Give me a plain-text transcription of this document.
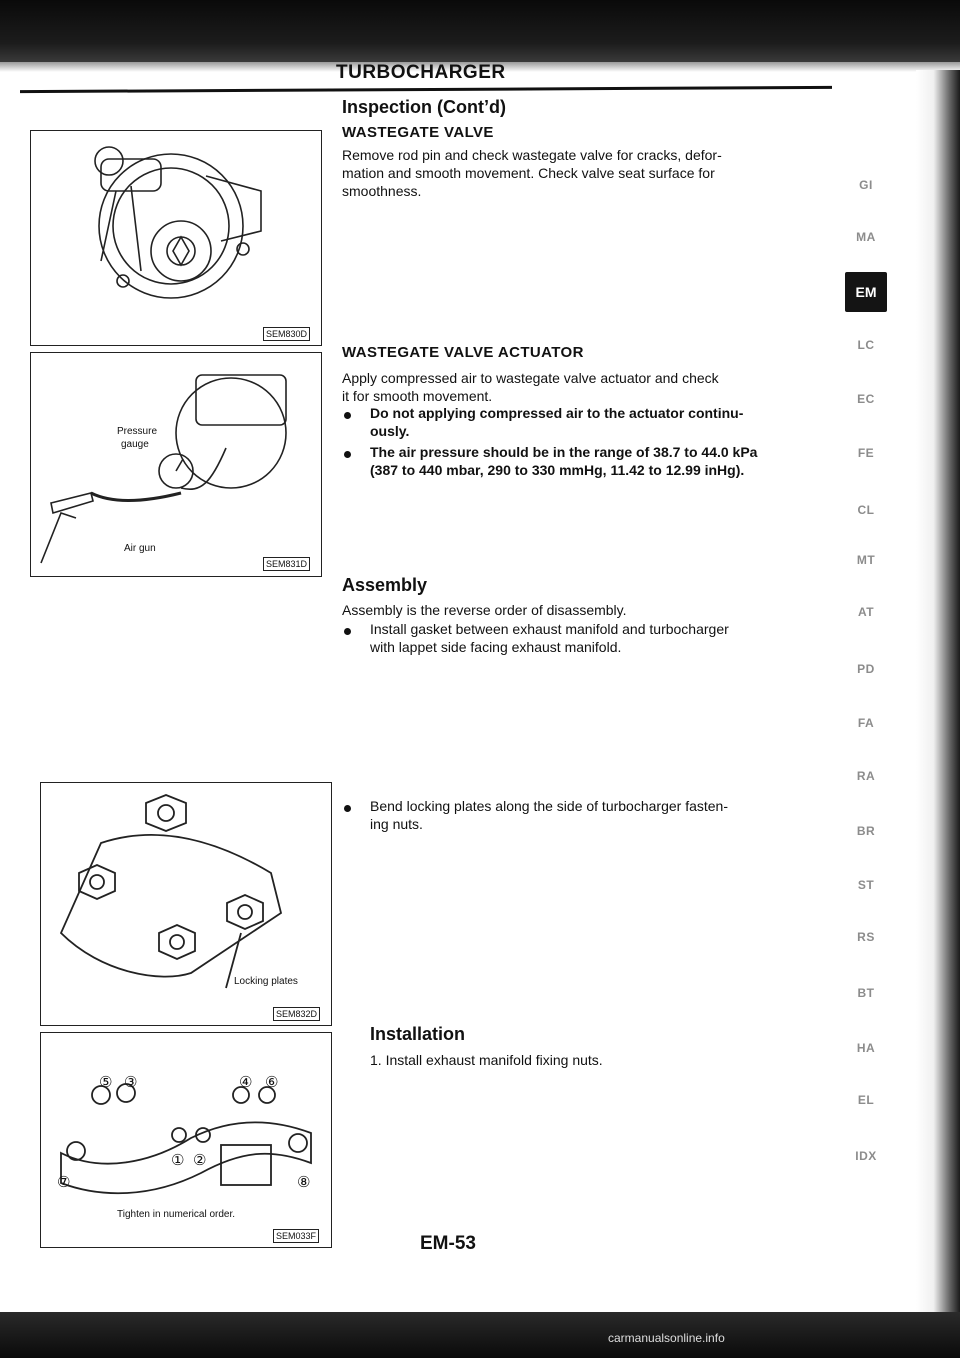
TURBOCHARGER
Inspection (Cont’d)
WASTEGATE VALVE
Remove rod pin and check wastegate valve for cracks, defor-
mation and smooth movement. Check valve seat surface for
smoothness.
WASTEGATE VALVE ACTUATOR
Apply compressed air to wastegate valve actuator and check
it for smooth movement.
Do not applying compressed air to the actuator continu-
ously.
The air pressure should be in the range of 38.7 to 44.0 kPa
(387 to 440 mbar, 290 to 330 mmHg, 11.42 to 12.99 inHg).
Assembly
Assembly is the reverse order of disassembly.
Install gasket between exhaust manifold and turbocharger
with lappet side facing exhaust manifold.
Bend locking plates along the side of turbocharger fasten-
ing nuts.
Installation
1. Install exhaust manifold fixing nuts.
SEM830D
Pressure
gauge
Air gun
SEM831D
Locking plates
SEM832D
⑤ ③	④ ⑥
⑦
① ②
⑧
Tighten in numerical order.
SEM033F
GI
MA
EM
LC
EC
FE
CL
MT
AT
PD
FA
RA
BR
ST
RS
BT
HA
EL
IDX
EM-53
carmanualsonline.info
